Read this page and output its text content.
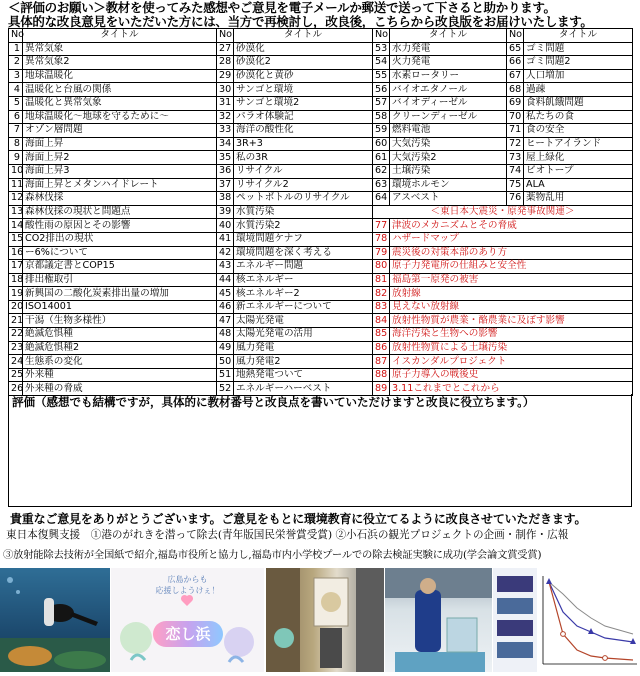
＜評価のお願い＞教材を使ってみた感想やご意見を電子メールか郵送で送って下さると助かります。
具体的な改良意見をいただいた方には、当方で再検討し，改良後，こちらから改良版をお届けいたします。
No	タイトル	No	タイトル	No	タイトル	No	タイトル
1	異常気象	27	砂漠化	53	水力発電	65	ゴミ問題
2	異常気象2	28	砂漠化2	54	火力発電	66	ゴミ問題2
3	地球温暖化	29	砂漠化と黄砂	55	水素ロータリー	67	人口増加
4	温暖化と台風の関係	30	サンゴと環境	56	バイオエタノール	68	過疎
5	温暖化と異常気象	31	サンゴと環境2	57	バイオディーゼル	69	食料飢餓問題
6	地球温暖化〜地球を守るために〜	32	パラオ体験記	58	クリーンディーゼル	70	私たちの食
7	オゾン層問題	33	海洋の酸性化	59	燃料電池	71	食の安全
8	海面上昇	34	3R+3	60	大気汚染	72	ヒートアイランド
9	海面上昇2	35	私の3R	61	大気汚染2	73	屋上緑化
10	海面上昇3	36	リサイクル	62	土壌汚染	74	ビオトープ
11	海面上昇とメタンハイドレート	37	リサイクル2	63	環境ホルモン	75	ALA
12	森林伐採	38	ペットボトルのリサイクル	64	アスベスト	76	薬物乱用
13	森林伐採の現状と問題点	39	水質汚染	＜東日本大震災・原発事故関連＞			
14	酸性雨の原因とその影響	40	水質汚染2	77	津波のメカニズムとその脅威		
15	CO2排出の現状	41	環境問題ケナフ	78	ハザードマップ		
16	ー6%について	42	環境問題を深く考える	79	震災後の対策本部のあり方		
17	京都議定書とCOP15	43	エネルギー問題	80	原子力発電所の仕組みと安全性		
18	排出権取引	44	核エネルギー	81	福島第一原発の被害		
19	新興国の二酸化炭素排出量の増加	45	核エネルギー2	82	放射線		
20	ISO14001	46	新エネルギーについて	83	見えない放射線		
21	干潟（生物多様性）	47	太陽光発電	84	放射性物質が農業・酪農業に及ぼす影響		
22	絶滅危惧種	48	太陽光発電の活用	85	海洋汚染と生物への影響		
23	絶滅危惧種2	49	風力発電	86	放射性物質による土壌汚染		
24	生態系の変化	50	風力発電2	87	イスカンダルプロジェクト		
25	外来種	51	地熱発電ついて	88	原子力導入の戦後史		
26	外来種の脅威	52	エネルギーハーベスト	89	3.11これまでとこれから		
評価（感想でも結構ですが，具体的に教材番号と改良点を書いていただけますと改良に役立ちます。）
貴重なご意見をありがとうございます。ご意見をもとに環境教育に役立てるように改良させていただきます。
東日本復興支援　①港のがれきを潜って除去(青年版国民栄誉賞受賞) ②小石浜の観光プロジェクトの企画・制作・広報
③放射能除去技術が全国紙で紹介,福島市役所と協力し,福島市内小学校プールでの除去検証実験に成功(学会論文賞受賞)
広島からも
応援しようけぇ！
恋し浜
